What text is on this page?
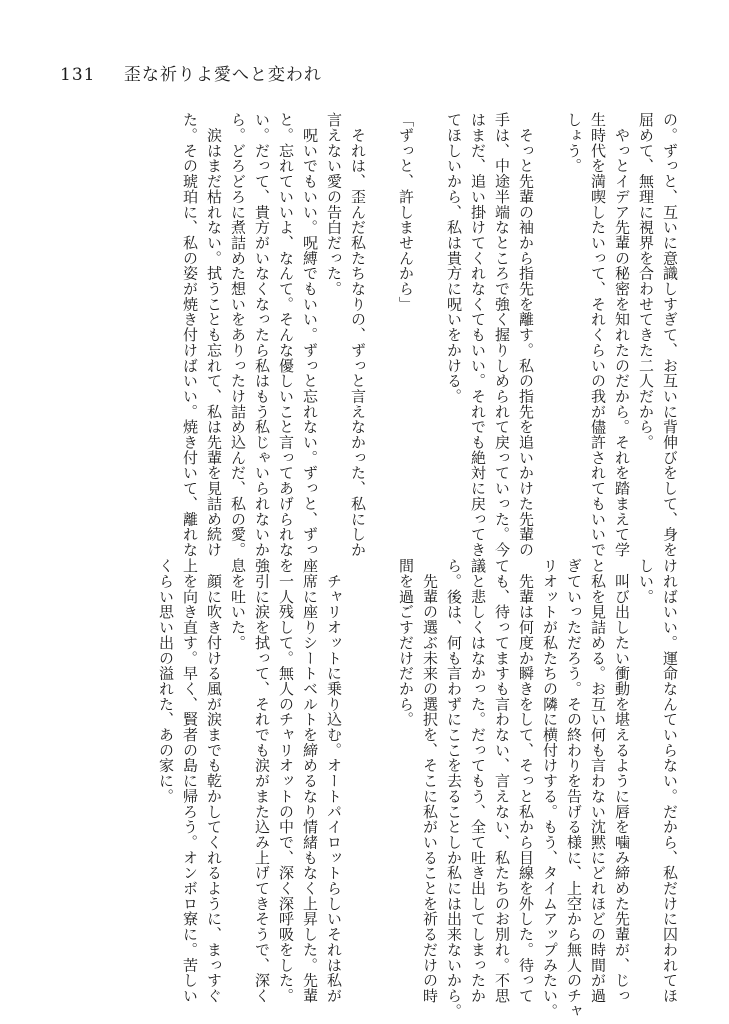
131 歪な祈りよ愛へと変われ
の。ずっと、互いに意識しすぎて、お互いに背伸びをして、身を
屈めて、無理に視界を合わせてきた二人だから。
　やっとイデア先輩の秘密を知れたのだから。それを踏まえて学
生時代を満喫したいって、それくらいの我が儘許されてもいいで
しょう。
　そっと先輩の袖から指先を離す。私の指先を追いかけた先輩の
手は、中途半端なところで強く握りしめられて戻っていった。今
はまだ、追い掛けてくれなくてもいい。それでも絶対に戻ってき
てほしいから、私は貴方に呪いをかける。
「ずっと、許しませんから」
　それは、歪んだ私たちなりの、ずっと言えなかった、私にしか
言えない愛の告白だった。
　呪いでもいい。呪縛でもいい。ずっと忘れない。ずっと、ずっ
と。忘れていいよ、なんて。そんな優しいこと言ってあげられな
い。だって、貴方がいなくなったら私はもう私じゃいられないか
ら。どろどろに煮詰めた想いをありったけ詰め込んだ、私の愛。
　涙はまだ枯れない。拭うことも忘れて、私は先輩を見詰め続け
た。その琥珀に、私の姿が焼き付けばいい。焼き付いて、離れな
ければいい。運命なんていらない。だから、私だけに囚われてほ
しい。
　叫び出したい衝動を堪えるように唇を噛み締めた先輩が、じっ
と私を見詰める。お互い何も言わない沈黙にどれほどの時間が過
ぎていっただろう。その終わりを告げる様に、上空から無人のチャ
リオットが私たちの隣に横付けする。もう、タイムアップみたい。
　先輩は何度か瞬きをして、そっと私から目線を外した。待って
ても、待ってますも言わない、言えない、私たちのお別れ。不思
議と悲しくはなかった。だってもう、全て吐き出してしまったか
ら。後は、何も言わずにここを去ることしか私には出来ないから。
　先輩の選ぶ未来の選択を、そこに私がいることを祈るだけの時
間を過ごすだけだから。
　チャリオットに乗り込む。オートパイロットらしいそれは私が
座席に座りシートベルトを締めるなり情緒もなく上昇した。先輩
を一人残して。無人のチャリオットの中で、深く深呼吸をした。
強引に涙を拭って、それでも涙がまた込み上げてきそうで、深く
息を吐いた。
　顔に吹き付ける風が涙までも乾かしてくれるように、まっすぐ
上を向き直す。早く、賢者の島に帰ろう。オンボロ寮に。苦しい
くらい思い出の溢れた、あの家に。
